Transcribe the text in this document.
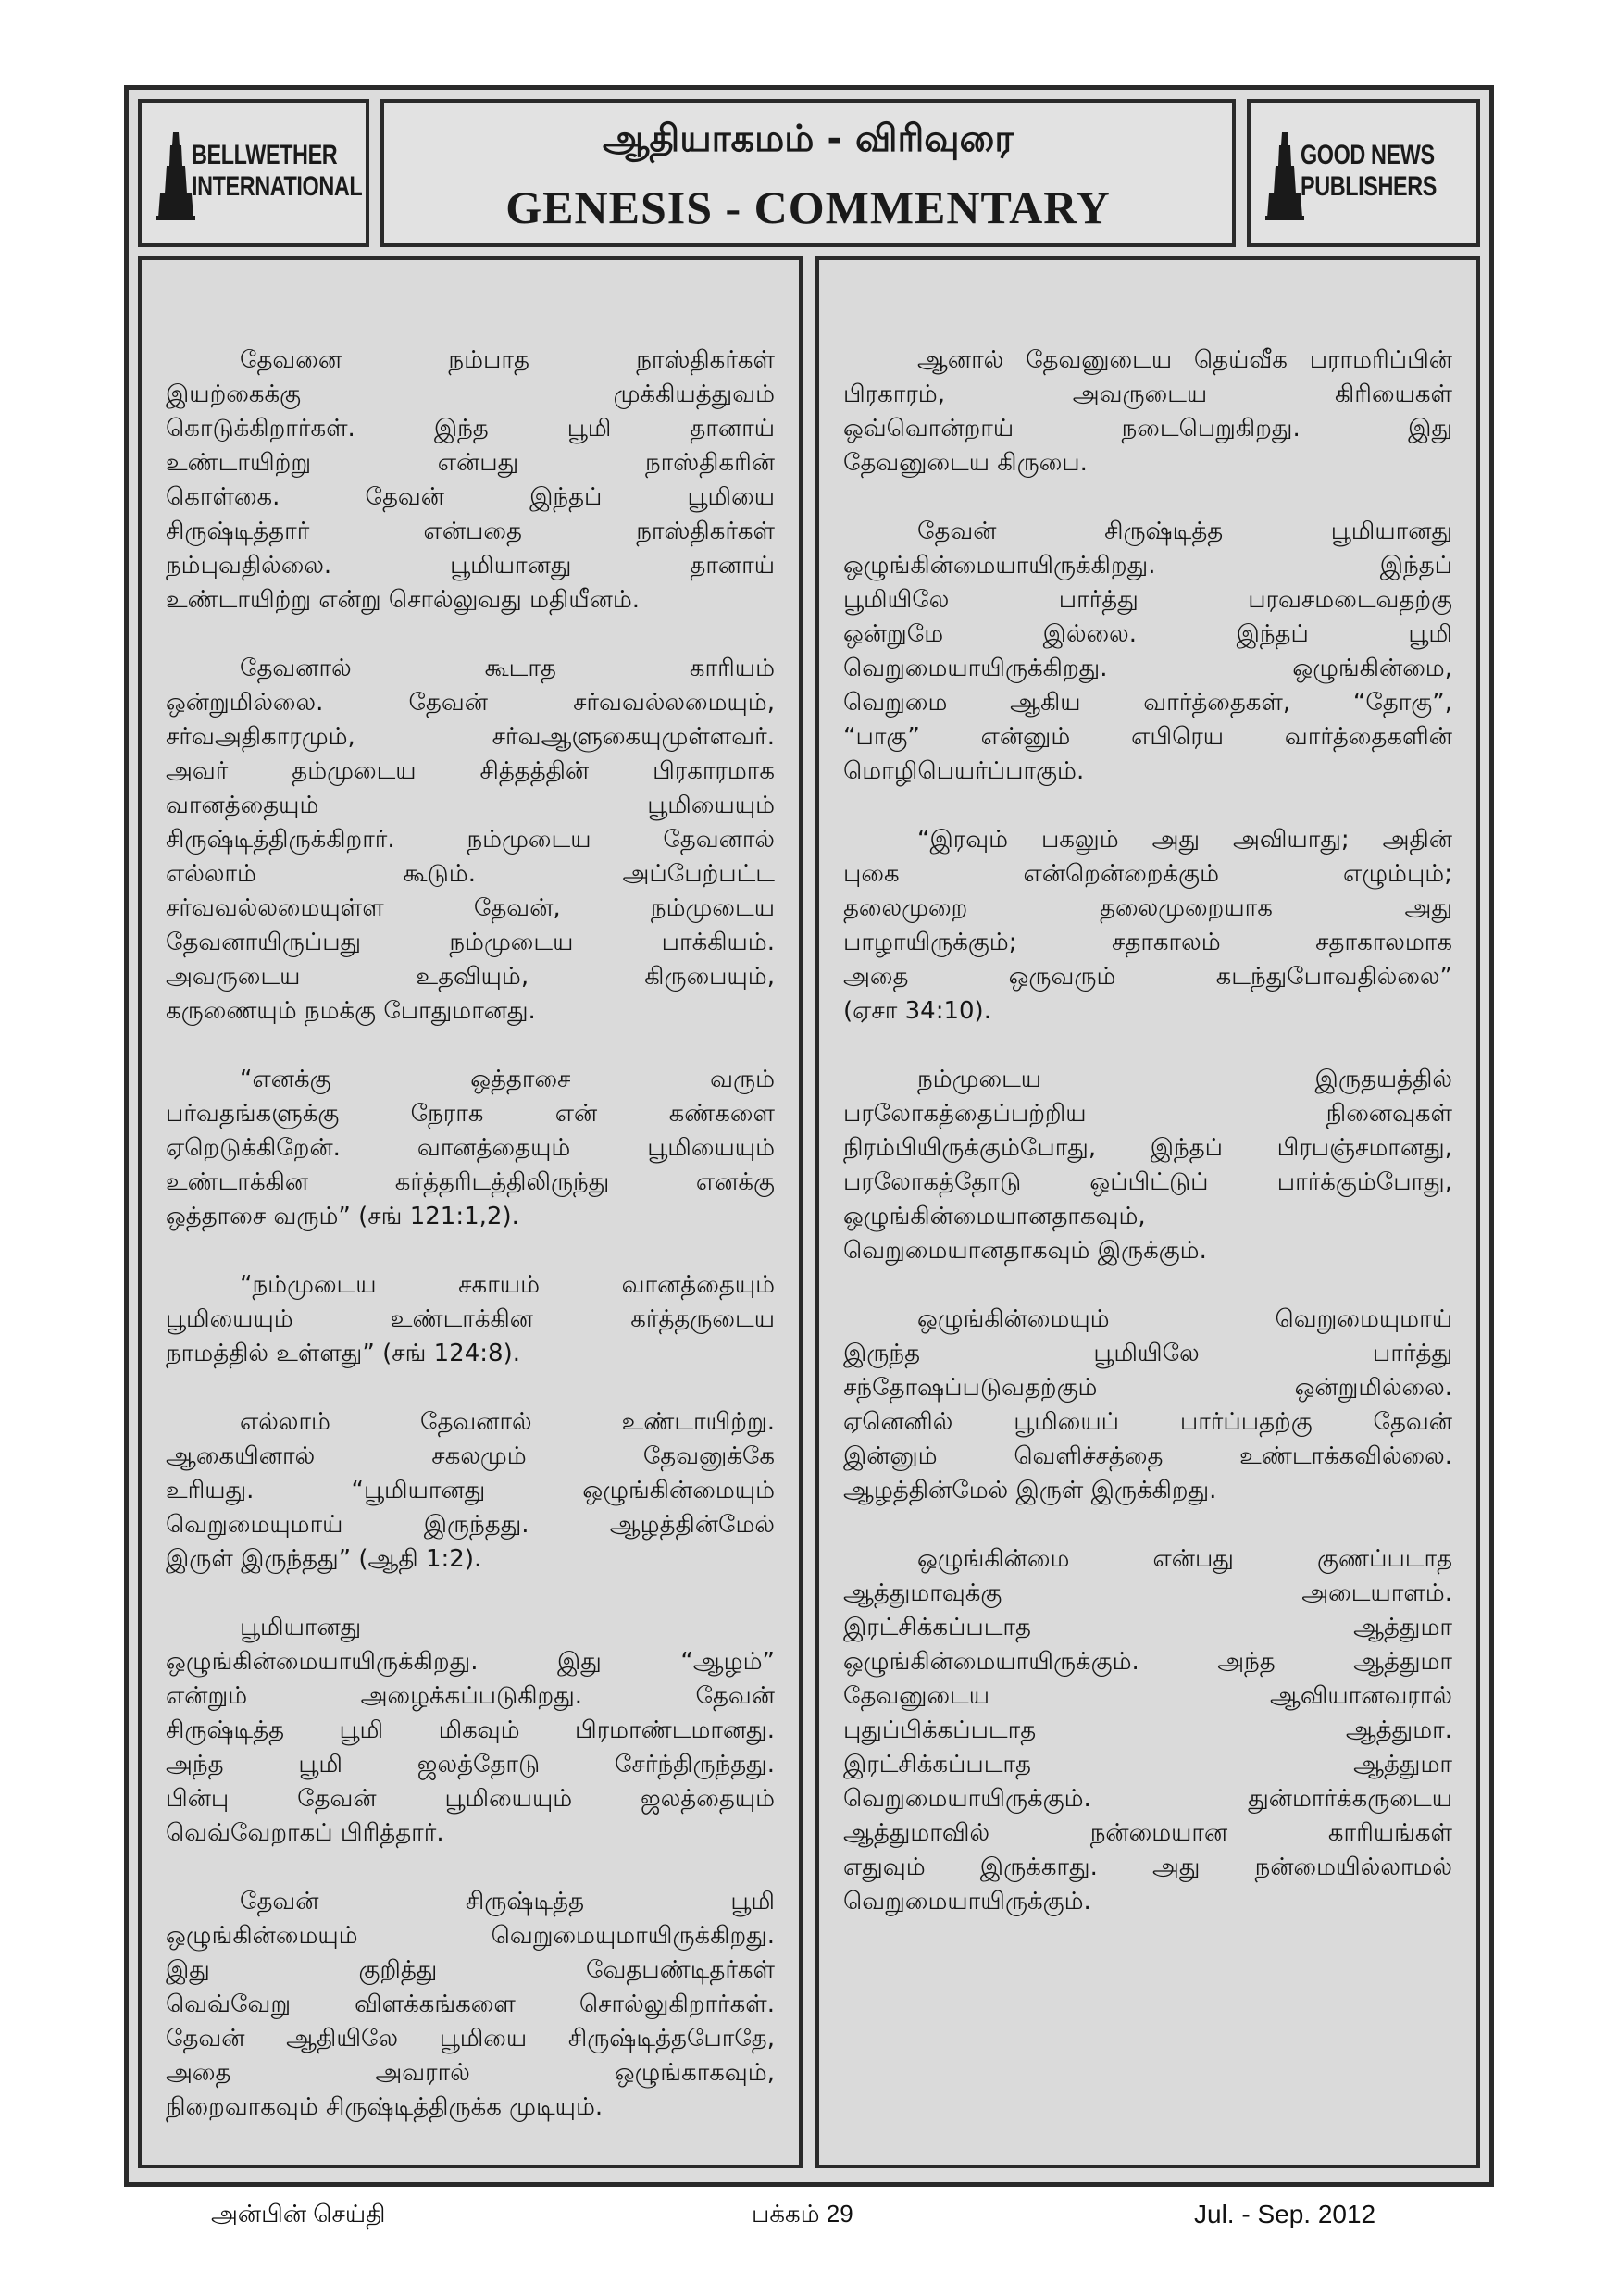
BELLWETHER
INTERNATIONAL
ஆதியாகமம் - விரிவுரை
GENESIS - COMMENTARY
GOOD NEWS
PUBLISHERS
தேவனை நம்பாத நாஸ்திகர்கள்
இயற்கைக்கு முக்கியத்துவம்
கொடுக்கிறார்கள். இந்த பூமி தானாய்
உண்டாயிற்று என்பது நாஸ்திகரின்
கொள்கை. தேவன் இந்தப் பூமியை
சிருஷ்டித்தார் என்பதை நாஸ்திகர்கள்
நம்புவதில்லை. பூமியானது தானாய்
உண்டாயிற்று என்று சொல்லுவது மதியீனம்.
தேவனால் கூடாத காரியம்
ஒன்றுமில்லை. தேவன் சர்வவல்லமையும்,
சர்வஅதிகாரமும், சர்வஆளுகையுமுள்ளவர்.
அவர் தம்முடைய சித்தத்தின் பிரகாரமாக
வானத்தையும் பூமியையும்
சிருஷ்டித்திருக்கிறார். நம்முடைய தேவனால்
எல்லாம் கூடும். அப்பேற்பட்ட
சர்வவல்லமையுள்ள தேவன், நம்முடைய
தேவனாயிருப்பது நம்முடைய பாக்கியம்.
அவருடைய உதவியும், கிருபையும்,
கருணையும் நமக்கு போதுமானது.
“எனக்கு ஒத்தாசை வரும்
பர்வதங்களுக்கு நேராக என் கண்களை
ஏறெடுக்கிறேன். வானத்தையும் பூமியையும்
உண்டாக்கின கர்த்தரிடத்திலிருந்து எனக்கு
ஒத்தாசை வரும்” (சங் 121:1,2).
“நம்முடைய சகாயம் வானத்தையும்
பூமியையும் உண்டாக்கின கர்த்தருடைய
நாமத்தில் உள்ளது” (சங் 124:8).
எல்லாம் தேவனால் உண்டாயிற்று.
ஆகையினால் சகலமும் தேவனுக்கே
உரியது. “பூமியானது ஒழுங்கின்மையும்
வெறுமையுமாய் இருந்தது. ஆழத்தின்மேல்
இருள் இருந்தது” (ஆதி 1:2).
பூமியானது
ஒழுங்கின்மையாயிருக்கிறது. இது “ஆழம்”
என்றும் அழைக்கப்படுகிறது. தேவன்
சிருஷ்டித்த பூமி மிகவும் பிரமாண்டமானது.
அந்த பூமி ஜலத்தோடு சேர்ந்திருந்தது.
பின்பு தேவன் பூமியையும் ஜலத்தையும்
வெவ்வேறாகப் பிரித்தார்.
தேவன் சிருஷ்டித்த பூமி
ஒழுங்கின்மையும் வெறுமையுமாயிருக்கிறது.
இது குறித்து வேதபண்டிதர்கள்
வெவ்வேறு விளக்கங்களை சொல்லுகிறார்கள்.
தேவன் ஆதியிலே பூமியை சிருஷ்டித்தபோதே,
அதை அவரால் ஒழுங்காகவும்,
நிறைவாகவும் சிருஷ்டித்திருக்க முடியும்.
ஆனால் தேவனுடைய தெய்வீக பராமரிப்பின்
பிரகாரம், அவருடைய கிரியைகள்
ஒவ்வொன்றாய் நடைபெறுகிறது. இது
தேவனுடைய கிருபை.
தேவன் சிருஷ்டித்த பூமியானது
ஒழுங்கின்மையாயிருக்கிறது. இந்தப்
பூமியிலே பார்த்து பரவசமடைவதற்கு
ஒன்றுமே இல்லை. இந்தப் பூமி
வெறுமையாயிருக்கிறது. ஒழுங்கின்மை,
வெறுமை ஆகிய வார்த்தைகள், “தோகு”,
“பாகு” என்னும் எபிரெய வார்த்தைகளின்
மொழிபெயர்ப்பாகும்.
“இரவும் பகலும் அது அவியாது; அதின்
புகை என்றென்றைக்கும் எழும்பும்;
தலைமுறை தலைமுறையாக அது
பாழாயிருக்கும்; சதாகாலம் சதாகாலமாக
அதை ஒருவரும் கடந்துபோவதில்லை”
(ஏசா 34:10).
நம்முடைய இருதயத்தில்
பரலோகத்தைப்பற்றிய நினைவுகள்
நிரம்பியிருக்கும்போது, இந்தப் பிரபஞ்சமானது,
பரலோகத்தோடு ஒப்பிட்டுப் பார்க்கும்போது,
ஒழுங்கின்மையானதாகவும்,
வெறுமையானதாகவும் இருக்கும்.
ஒழுங்கின்மையும் வெறுமையுமாய்
இருந்த பூமியிலே பார்த்து
சந்தோஷப்படுவதற்கும் ஒன்றுமில்லை.
ஏனெனில் பூமியைப் பார்ப்பதற்கு தேவன்
இன்னும் வெளிச்சத்தை உண்டாக்கவில்லை.
ஆழத்தின்மேல் இருள் இருக்கிறது.
ஒழுங்கின்மை என்பது குணப்படாத
ஆத்துமாவுக்கு அடையாளம்.
இரட்சிக்கப்படாத ஆத்துமா
ஒழுங்கின்மையாயிருக்கும். அந்த ஆத்துமா
தேவனுடைய ஆவியானவரால்
புதுப்பிக்கப்படாத ஆத்துமா.
இரட்சிக்கப்படாத ஆத்துமா
வெறுமையாயிருக்கும். துன்மார்க்கருடைய
ஆத்துமாவில் நன்மையான காரியங்கள்
எதுவும் இருக்காது. அது நன்மையில்லாமல்
வெறுமையாயிருக்கும்.
அன்பின் செய்தி	பக்கம் 29	Jul. - Sep. 2012
